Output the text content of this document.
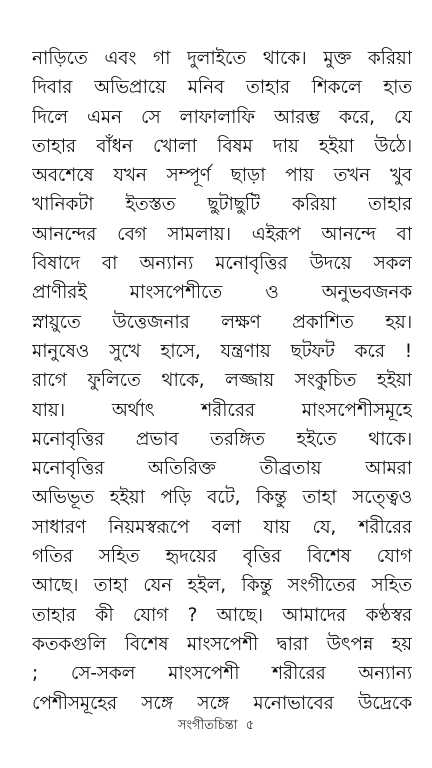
নাড়িতে এবং গা দুলাইতে থাকে। মুক্ত করিয়া
দিবার অভিপ্রায়ে মনিব তাহার শিকলে হাত
দিলে এমন সে লাফালাফি আরম্ভ করে, যে
তাহার বাঁধন খোলা বিষম দায় হইয়া উঠে।
অবশেষে যখন সম্পূর্ণ ছাড়া পায় তখন খুব
খানিকটা ইতস্তত ছুটাছুটি করিয়া তাহার
আনন্দের বেগ সামলায়। এইরূপ আনন্দে বা
বিষাদে বা অন্যান্য মনোবৃত্তির উদয়ে সকল
প্রাণীরই মাংসপেশীতে ও অনুভবজনক
স্নায়ুতে উত্তেজনার লক্ষণ প্রকাশিত হয়।
মানুষেও সুখে হাসে, যন্ত্রণায় ছটফট করে !
রাগে ফুলিতে থাকে, লজ্জায় সংকুচিত হইয়া
যায়। অর্থাৎ শরীরের মাংসপেশীসমূহে
মনোবৃত্তির প্রভাব তরঙ্গিত হইতে থাকে।
মনোবৃত্তির অতিরিক্ত তীব্রতায় আমরা
অভিভূত হইয়া পড়ি বটে, কিন্তু তাহা সত্ত্বেও
সাধারণ নিয়মস্বরূপে বলা যায় যে, শরীরের
গতির সহিত হৃদয়ের বৃত্তির বিশেষ যোগ
আছে। তাহা যেন হইল, কিন্তু সংগীতের সহিত
তাহার কী যোগ ? আছে। আমাদের কণ্ঠস্বর
কতকগুলি বিশেষ মাংসপেশী দ্বারা উৎপন্ন হয়
; সে-সকল মাংসপেশী শরীরের অন্যান্য
পেশীসমূহের সঙ্গে সঙ্গে মনোভাবের উদ্রেকে
সংগীতচিন্তা ৫
